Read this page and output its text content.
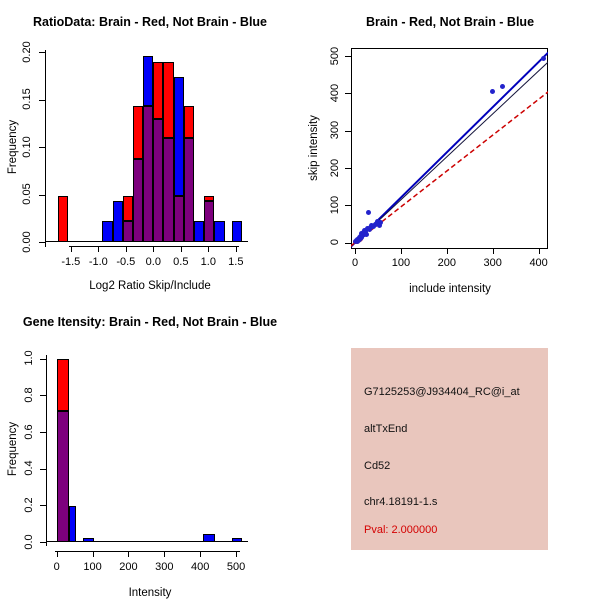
RatioData: Brain - Red, Not Brain - Blue
Frequency
Log2 Ratio Skip/Include
0.00
0.05
0.10
0.15
0.20
-1.5 -1.0 -0.5 0.0	0.5	1.0	1.5
Brain - Red, Not Brain - Blue
skip intensity
include intensity
0
100
200
300
400
500
0	100	200	300	400
Gene Itensity: Brain - Red, Not Brain - Blue
Frequency
Intensity
0.0
0.2
0.4
0.6
0.8
1.0
0	100	200	300	400	500
G7125253@J934404_RC@i_at
altTxEnd
Cd52
chr4.18191-1.s
Pval: 2.000000
